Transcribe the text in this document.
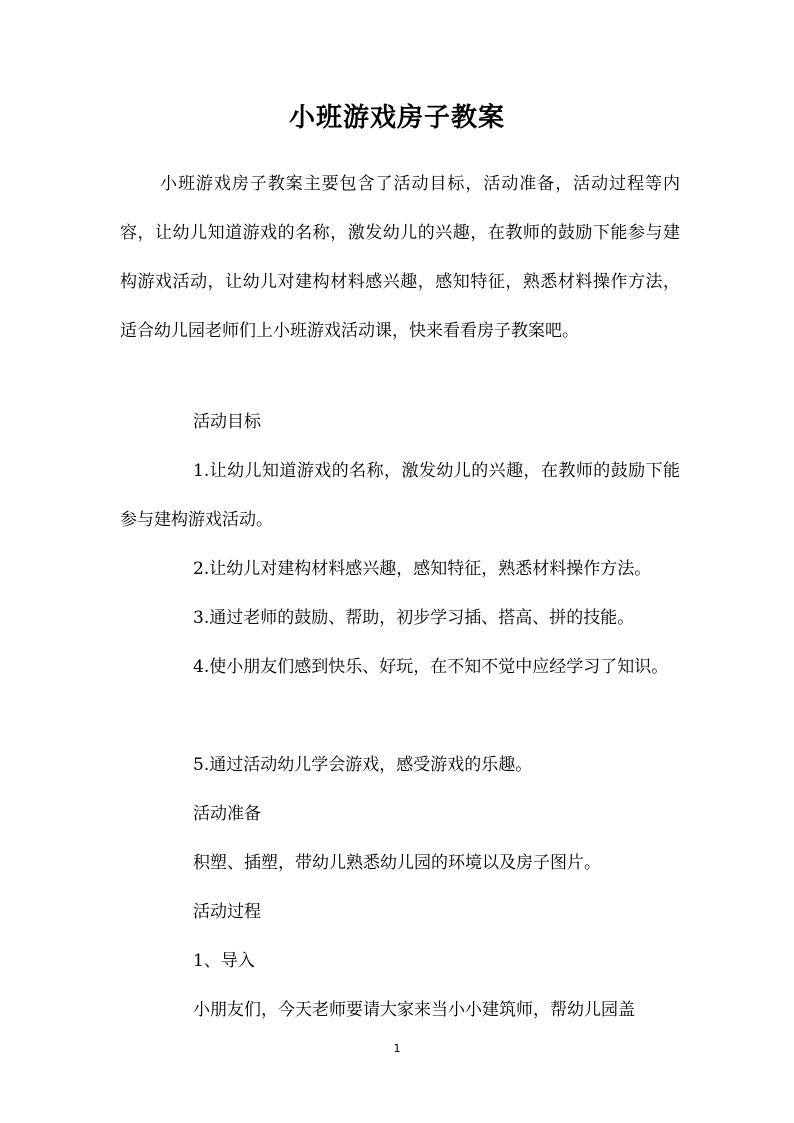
小班游戏房子教案

小班游戏房子教案主要包含了活动目标，活动准备，活动过程等内容，让幼儿知道游戏的名称，激发幼儿的兴趣，在教师的鼓励下能参与建构游戏活动，让幼儿对建构材料感兴趣，感知特征，熟悉材料操作方法，适合幼儿园老师们上小班游戏活动课，快来看看房子教案吧。

活动目标

1.让幼儿知道游戏的名称，激发幼儿的兴趣，在教师的鼓励下能参与建构游戏活动。

2.让幼儿对建构材料感兴趣，感知特征，熟悉材料操作方法。

3.通过老师的鼓励、帮助，初步学习插、搭高、拼的技能。

4.使小朋友们感到快乐、好玩，在不知不觉中应经学习了知识。

5.通过活动幼儿学会游戏，感受游戏的乐趣。

活动准备

积塑、插塑，带幼儿熟悉幼儿园的环境以及房子图片。

活动过程

1、导入

小朋友们，今天老师要请大家来当小小建筑师，帮幼儿园盖

1
